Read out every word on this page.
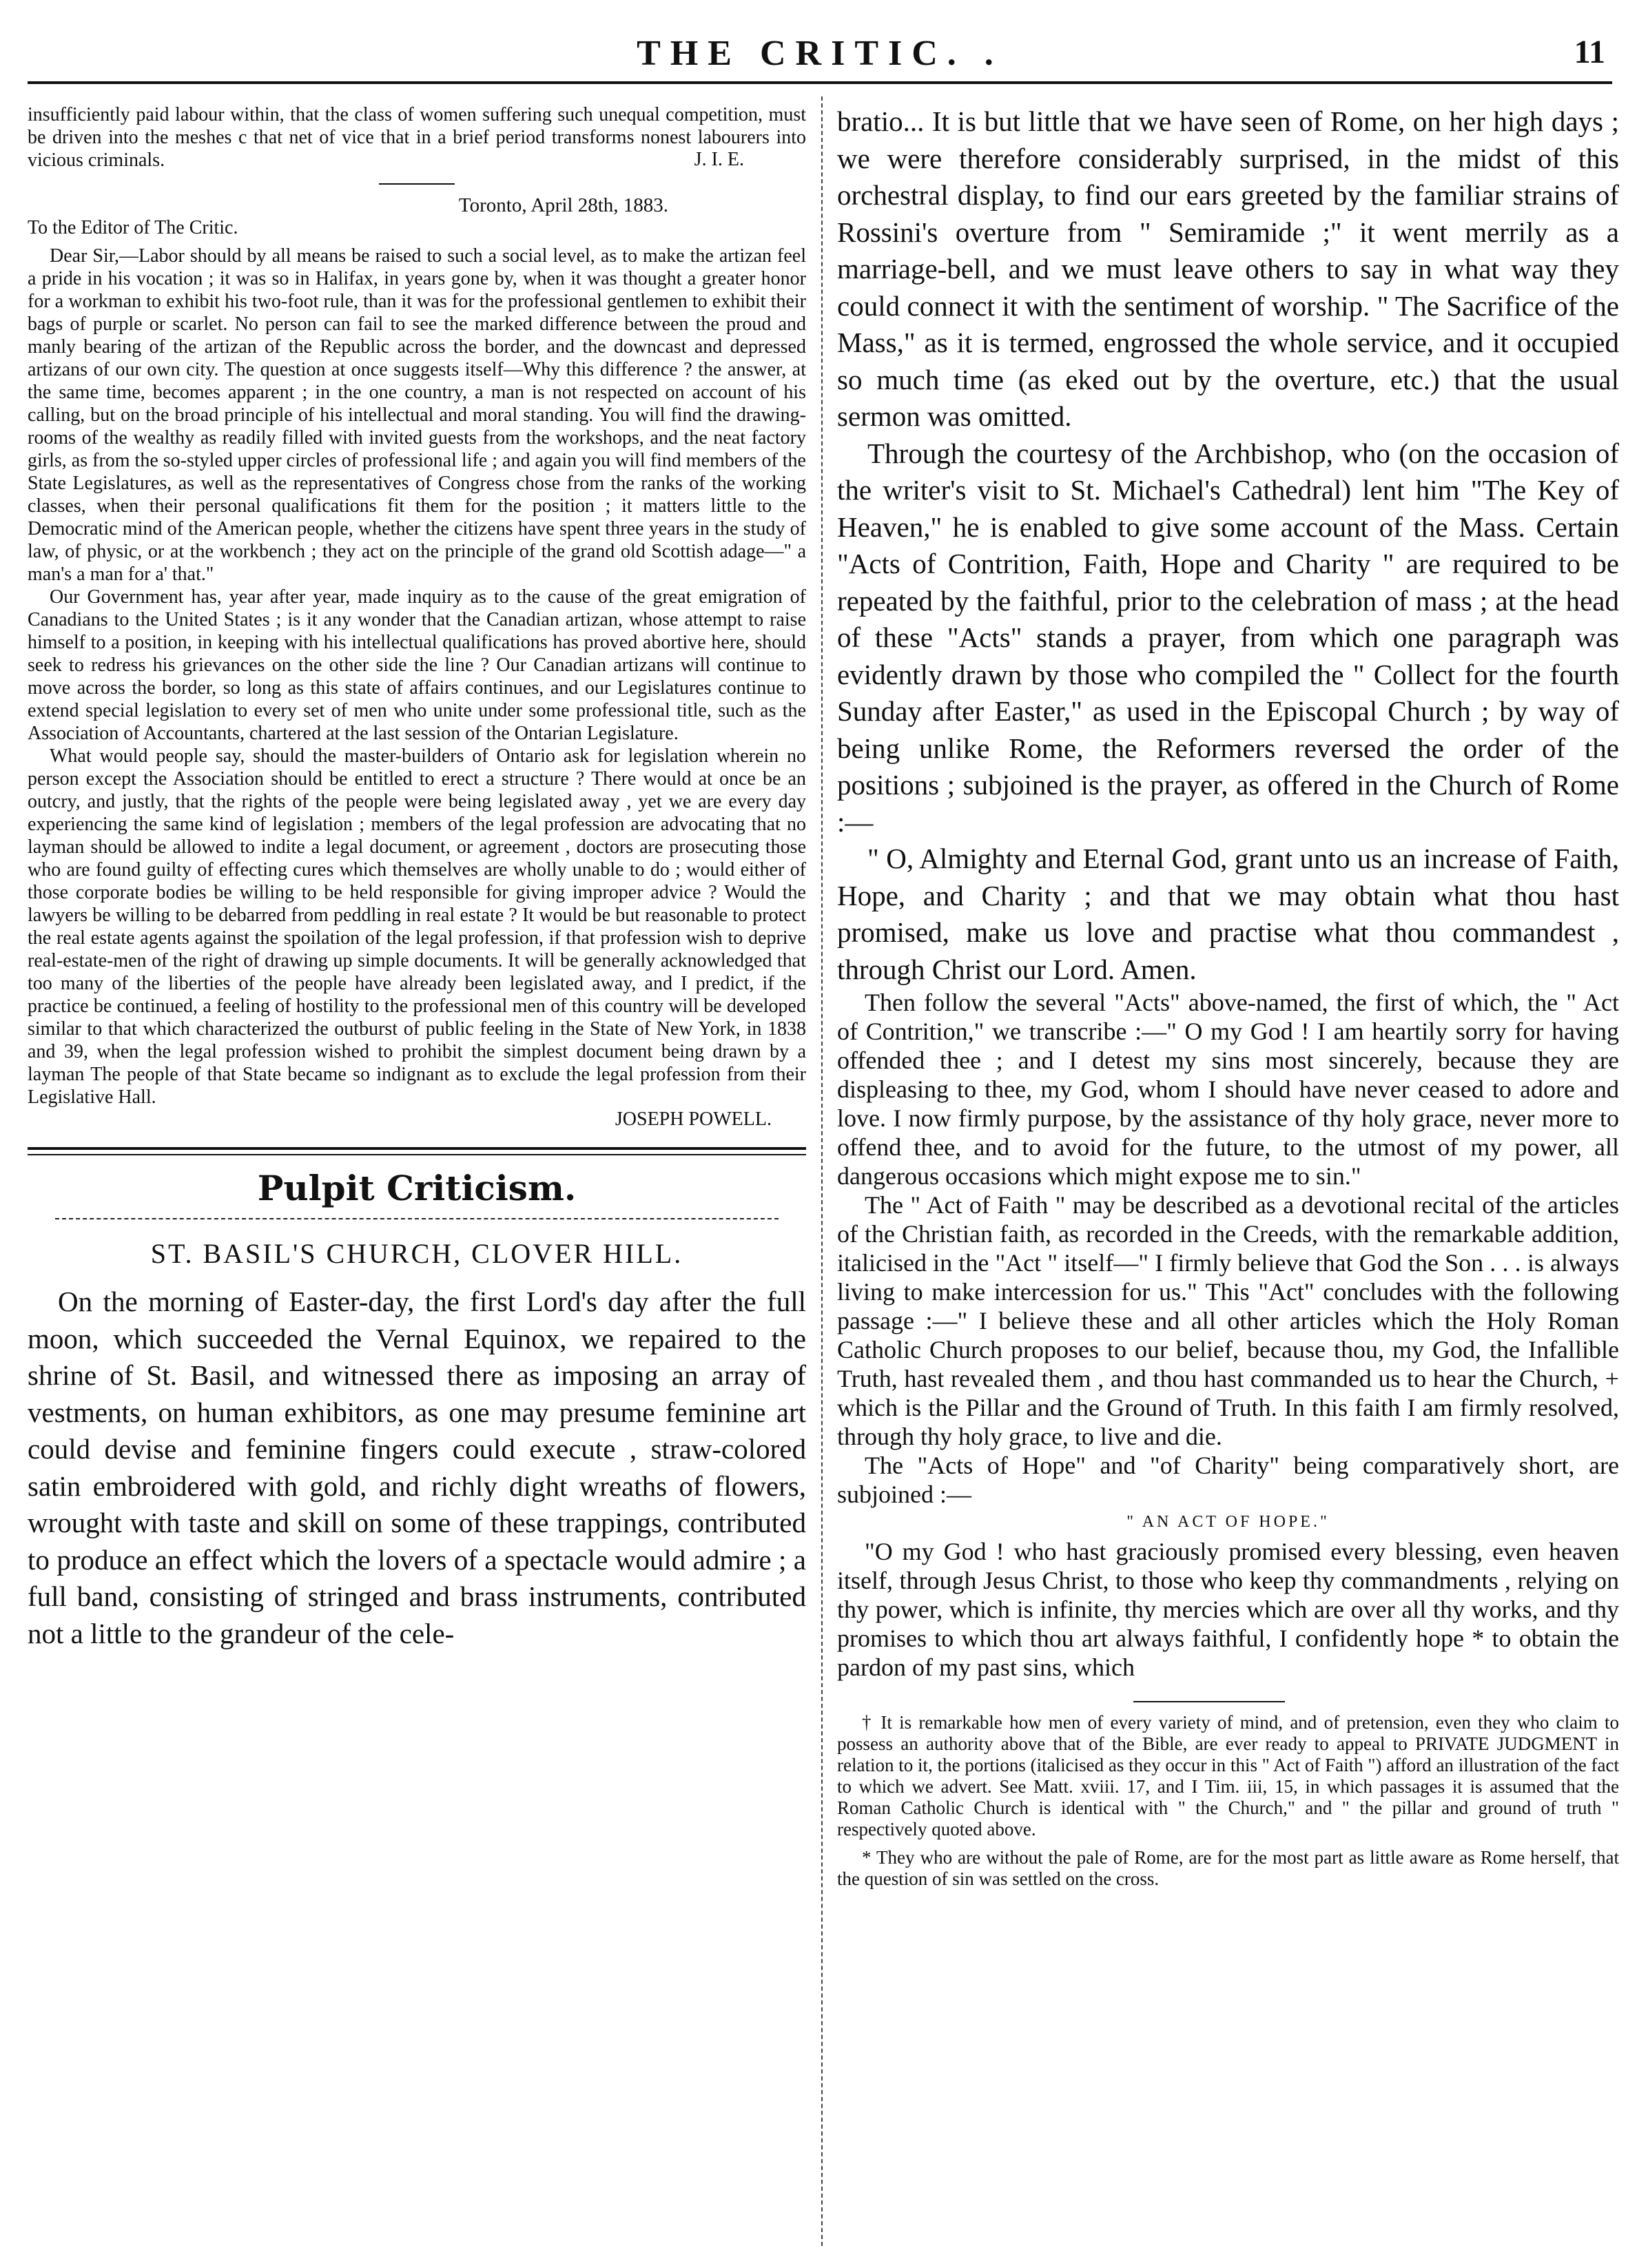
THE CRITIC. .	11

insufficiently paid labour within, that the class of women suffering such unequal competition, must be driven into the meshes c that net of vice that in a brief period transforms nonest labourers into vicious criminals.	J. I. E.
Toronto, April 28th, 1883.
To the Editor of The Critic.

Dear Sir,—Labor should by all means be raised to such a social level, as to make the artizan feel a pride in his vocation ; it was so in Halifax, in years gone by, when it was thought a greater honor for a workman to exhibit his two-foot rule, than it was for the professional gentlemen to exhibit their bags of purple or scarlet. No person can fail to see the marked difference between the proud and manly bearing of the artizan of the Republic across the border, and the downcast and depressed artizans of our own city. The question at once suggests itself—Why this difference ? the answer, at the same time, becomes apparent ; in the one country, a man is not respected on account of his calling, but on the broad principle of his intellectual and moral standing. You will find the drawing-rooms of the wealthy as readily filled with invited guests from the workshops, and the neat factory girls, as from the so-styled upper circles of professional life ; and again you will find members of the State Legislatures, as well as the representatives of Congress chose from the ranks of the working classes, when their personal qualifications fit them for the position ; it matters little to the Democratic mind of the American people, whether the citizens have spent three years in the study of law, of physic, or at the workbench ; they act on the principle of the grand old Scottish adage—" a man's a man for a' that."

Our Government has, year after year, made inquiry as to the cause of the great emigration of Canadians to the United States ; is it any wonder that the Canadian artizan, whose attempt to raise himself to a position, in keeping with his intellectual qualifications has proved abortive here, should seek to redress his grievances on the other side the line ? Our Canadian artizans will continue to move across the border, so long as this state of affairs continues, and our Legislatures continue to extend special legislation to every set of men who unite under some professional title, such as the Association of Accountants, chartered at the last session of the Ontarian Legislature.

What would people say, should the master-builders of Ontario ask for legislation wherein no person except the Association should be entitled to erect a structure ? There would at once be an outcry, and justly, that the rights of the people were being legislated away , yet we are every day experiencing the same kind of legislation ; members of the legal profession are advocating that no layman should be allowed to indite a legal document, or agreement , doctors are prosecuting those who are found guilty of effecting cures which themselves are wholly unable to do ; would either of those corporate bodies be willing to be held responsible for giving improper advice ? Would the lawyers be willing to be debarred from peddling in real estate ? It would be but reasonable to protect the real estate agents against the spoilation of the legal profession, if that profession wish to deprive real-estate-men of the right of drawing up simple documents. It will be generally acknowledged that too many of the liberties of the people have already been legislated away, and I predict, if the practice be continued, a feeling of hostility to the professional men of this country will be developed similar to that which characterized the outburst of public feeling in the State of New York, in 1838 and 39, when the legal profession wished to prohibit the simplest document being drawn by a layman The people of that State became so indignant as to exclude the legal profession from their Legislative Hall.

JOSEPH POWELL.
Pulpit Criticism.
ST. BASIL'S CHURCH, CLOVER HILL.

On the morning of Easter-day, the first Lord's day after the full moon, which succeeded the Vernal Equinox, we repaired to the shrine of St. Basil, and witnessed there as imposing an array of vestments, on human exhibitors, as one may presume feminine art could devise and feminine fingers could execute , straw-colored satin embroidered with gold, and richly dight wreaths of flowers, wrought with taste and skill on some of these trappings, contributed to produce an effect which the lovers of a spectacle would admire ; a full band, consisting of stringed and brass instruments, contributed not a little to the grandeur of the cele-

bratio... It is but little that we have seen of Rome, on her high days ; we were therefore considerably surprised, in the midst of this orchestral display, to find our ears greeted by the familiar strains of Rossini's overture from " Semiramide ;" it went merrily as a marriage-bell, and we must leave others to say in what way they could connect it with the sentiment of worship. " The Sacrifice of the Mass," as it is termed, engrossed the whole service, and it occupied so much time (as eked out by the overture, etc.) that the usual sermon was omitted.

Through the courtesy of the Archbishop, who (on the occasion of the writer's visit to St. Michael's Cathedral) lent him "The Key of Heaven," he is enabled to give some account of the Mass. Certain "Acts of Contrition, Faith, Hope and Charity " are required to be repeated by the faithful, prior to the celebration of mass ; at the head of these "Acts" stands a prayer, from which one paragraph was evidently drawn by those who compiled the " Collect for the fourth Sunday after Easter," as used in the Episcopal Church ; by way of being unlike Rome, the Reformers reversed the order of the positions ; subjoined is the prayer, as offered in the Church of Rome :—

" O, Almighty and Eternal God, grant unto us an increase of Faith, Hope, and Charity ; and that we may obtain what thou hast promised, make us love and practise what thou commandest , through Christ our Lord. Amen.

Then follow the several "Acts" above-named, the first of which, the " Act of Contrition," we transcribe :—" O my God ! I am heartily sorry for having offended thee ; and I detest my sins most sincerely, because they are displeasing to thee, my God, whom I should have never ceased to adore and love. I now firmly purpose, by the assistance of thy holy grace, never more to offend thee, and to avoid for the future, to the utmost of my power, all dangerous occasions which might expose me to sin."

The " Act of Faith " may be described as a devotional recital of the articles of the Christian faith, as recorded in the Creeds, with the remarkable addition, italicised in the "Act " itself—" I firmly believe that God the Son . . . is always living to make intercession for us." This "Act" concludes with the following passage :—" I believe these and all other articles which the Holy Roman Catholic Church proposes to our belief, because thou, my God, the Infallible Truth, hast revealed them , and thou hast commanded us to hear the Church, + which is the Pillar and the Ground of Truth. In this faith I am firmly resolved, through thy holy grace, to live and die.

The "Acts of Hope" and "of Charity" being comparatively short, are subjoined :—

" AN ACT OF HOPE."

"O my God ! who hast graciously promised every blessing, even heaven itself, through Jesus Christ, to those who keep thy commandments , relying on thy power, which is infinite, thy mercies which are over all thy works, and thy promises to which thou art always faithful, I confidently hope * to obtain the pardon of my past sins, which

† It is remarkable how men of every variety of mind, and of pretension, even they who claim to possess an authority above that of the Bible, are ever ready to appeal to PRIVATE JUDGMENT in relation to it, the portions (italicised as they occur in this " Act of Faith ") afford an illustration of the fact to which we advert. See Matt. xviii. 17, and I Tim. iii, 15, in which passages it is assumed that the Roman Catholic Church is identical with " the Church," and " the pillar and ground of truth " respectively quoted above.

* They who are without the pale of Rome, are for the most part as little aware as Rome herself, that the question of sin was settled on the cross.
